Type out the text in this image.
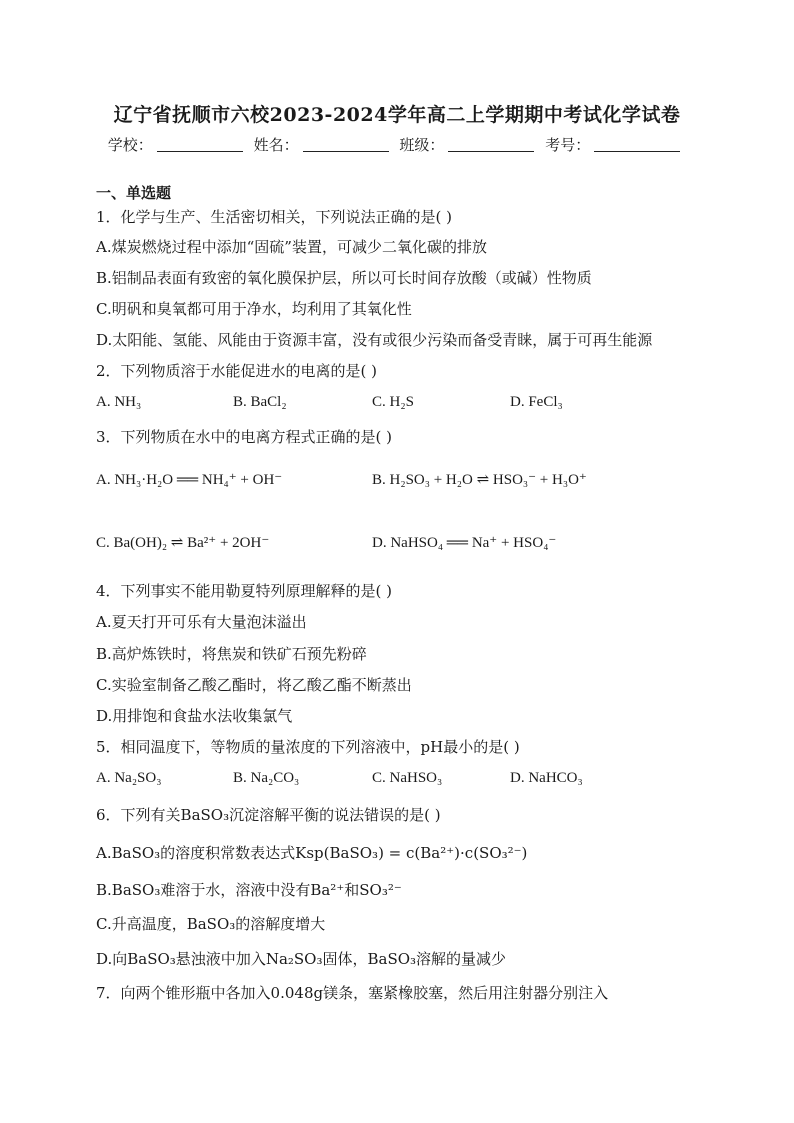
辽宁省抚顺市六校2023-2024学年高二上学期期中考试化学试卷
学校：	姓名：	班级：	考号：
一、单选题
1．化学与生产、生活密切相关，下列说法正确的是( )
A.煤炭燃烧过程中添加“固硫”装置，可减少二氧化碳的排放
B.铝制品表面有致密的氧化膜保护层，所以可长时间存放酸（或碱）性物质
C.明矾和臭氧都可用于净水，均利用了其氧化性
D.太阳能、氢能、风能由于资源丰富，没有或很少污染而备受青睐，属于可再生能源
2．下列物质溶于水能促进水的电离的是( )
A. NH₃	B. BaCl₂	C. H₂S	D. FeCl₃
3．下列物质在水中的电离方程式正确的是( )
A. NH₃·H₂O ══ NH₄⁺ + OH⁻	B. H₂SO₃ + H₂O ⇌ HSO₃⁻ + H₃O⁺
C. Ba(OH)₂ ⇌ Ba²⁺ + 2OH⁻	D. NaHSO₄ ══ Na⁺ + HSO₄⁻
4．下列事实不能用勒夏特列原理解释的是( )
A.夏天打开可乐有大量泡沫溢出
B.高炉炼铁时，将焦炭和铁矿石预先粉碎
C.实验室制备乙酸乙酯时，将乙酸乙酯不断蒸出
D.用排饱和食盐水法收集氯气
5．相同温度下，等物质的量浓度的下列溶液中，pH最小的是( )
A. Na₂SO₃	B. Na₂CO₃	C. NaHSO₃	D. NaHCO₃
6．下列有关BaSO₃沉淀溶解平衡的说法错误的是( )
A.BaSO₃的溶度积常数表达式Ksp(BaSO₃) = c(Ba²⁺)·c(SO₃²⁻)
B.BaSO₃难溶于水，溶液中没有Ba²⁺和SO₃²⁻
C.升高温度，BaSO₃的溶解度增大
D.向BaSO₃悬浊液中加入Na₂SO₃固体，BaSO₃溶解的量减少
7．向两个锥形瓶中各加入0.048g镁条，塞紧橡胶塞，然后用注射器分别注入
